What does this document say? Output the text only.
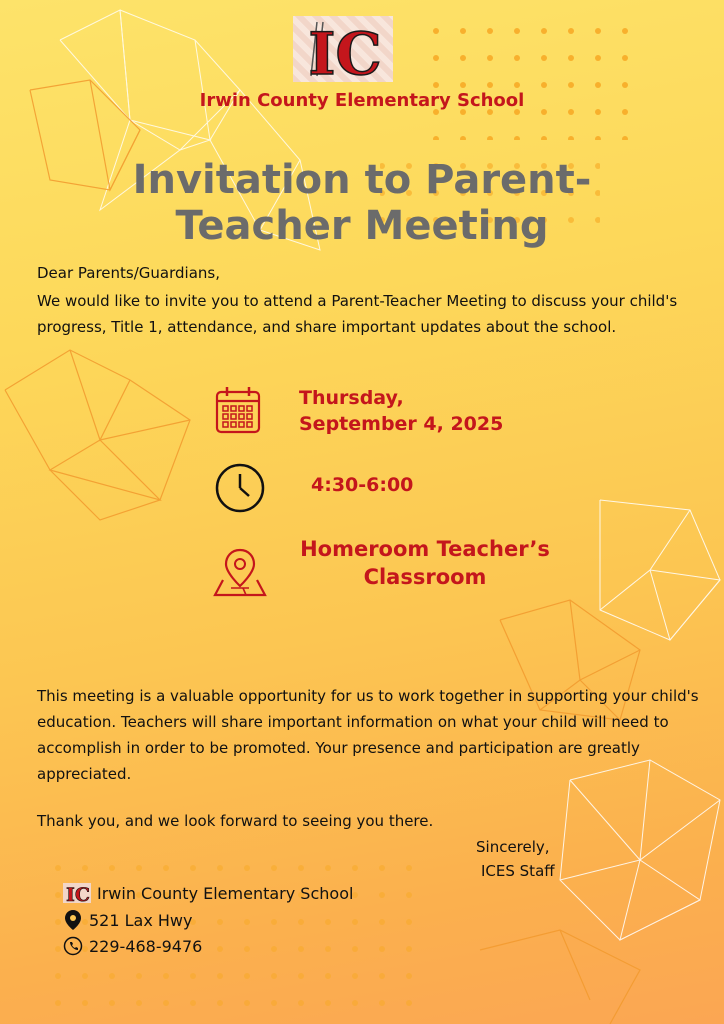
IC
Irwin County Elementary School
Invitation to Parent-
Teacher Meeting
Dear Parents/Guardians,
We would like to invite you to attend a Parent-Teacher Meeting to discuss your child's progress, Title 1, attendance, and share important updates about the school.
Thursday,
September 4, 2025
4:30-6:00
Homeroom Teacher’s
Classroom
This meeting is a valuable opportunity for us to work together in supporting your child's education. Teachers will share important information on what your child will need to accomplish in order to be promoted. Your presence and participation are greatly appreciated.
Thank you, and we look forward to seeing you there.
Sincerely,
ICES Staff
IC Irwin County Elementary School
521 Lax Hwy
229-468-9476
